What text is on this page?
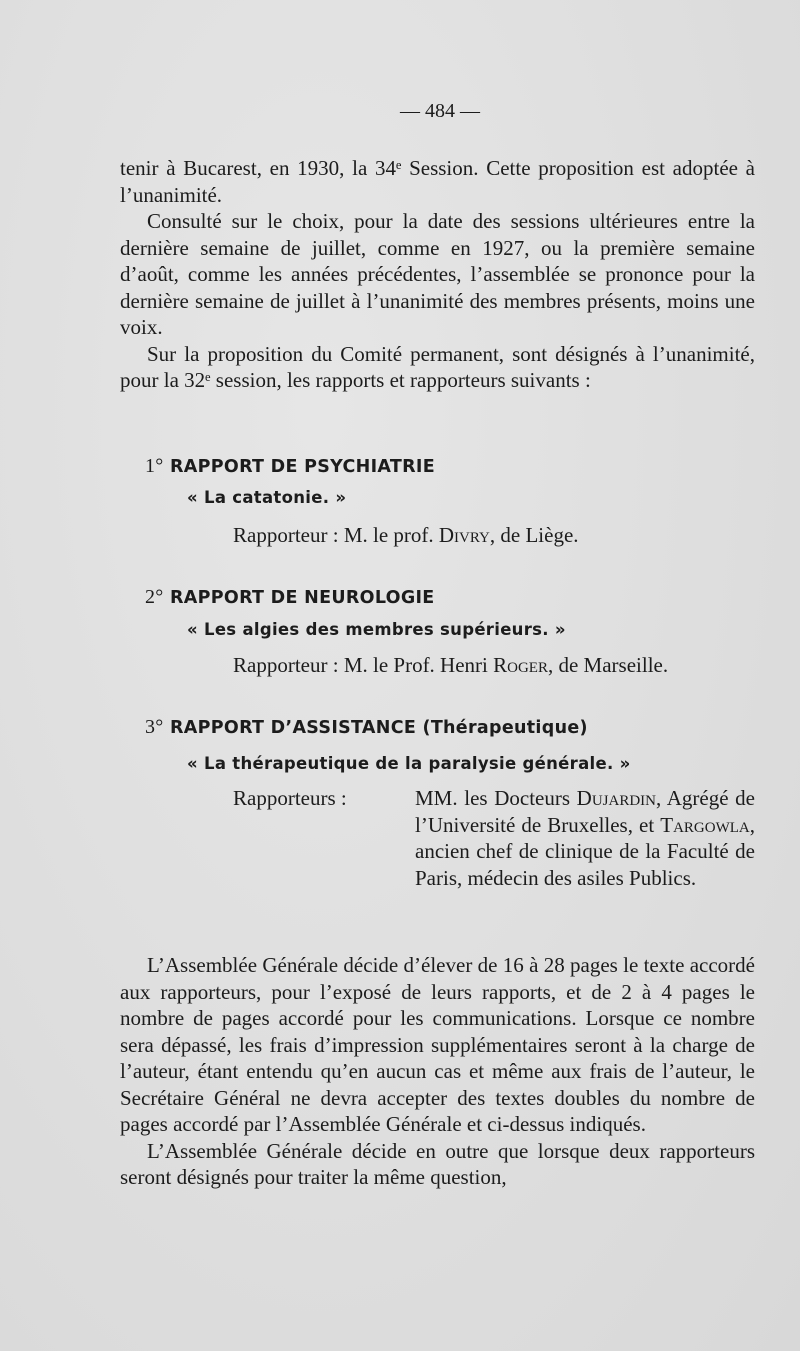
— 484 —

tenir à Bucarest, en 1930, la 34ᵉ Session. Cette proposition est adoptée à l’unanimité.

Consulté sur le choix, pour la date des sessions ultérieures entre la dernière semaine de juillet, comme en 1927, ou la première semaine d’août, comme les années précédentes, l’assemblée se prononce pour la dernière semaine de juillet à l’unanimité des membres présents, moins une voix.

Sur la proposition du Comité permanent, sont désignés à l’unanimité, pour la 32ᵉ session, les rapports et rapporteurs suivants :

1° RAPPORT DE PSYCHIATRIE
« La catatonie. »
Rapporteur : M. le prof. Divry, de Liège.
2° RAPPORT DE NEUROLOGIE
« Les algies des membres supérieurs. »
Rapporteur : M. le Prof. Henri Roger, de Marseille.
3° RAPPORT D’ASSISTANCE (Thérapeutique)
« La thérapeutique de la paralysie générale. »
Rapporteurs :	MM. les Docteurs Dujardin, Agrégé de l’Université de Bruxelles, et Targowla, ancien chef de clinique de la Faculté de Paris, médecin des asiles Publics.

L’Assemblée Générale décide d’élever de 16 à 28 pages le texte accordé aux rapporteurs, pour l’exposé de leurs rapports, et de 2 à 4 pages le nombre de pages accordé pour les communications. Lorsque ce nombre sera dépassé, les frais d’impression supplémentaires seront à la charge de l’auteur, étant entendu qu’en aucun cas et même aux frais de l’auteur, le Secrétaire Général ne devra accepter des textes doubles du nombre de pages accordé par l’Assemblée Générale et ci-dessus indiqués.

L’Assemblée Générale décide en outre que lorsque deux rapporteurs seront désignés pour traiter la même question,
